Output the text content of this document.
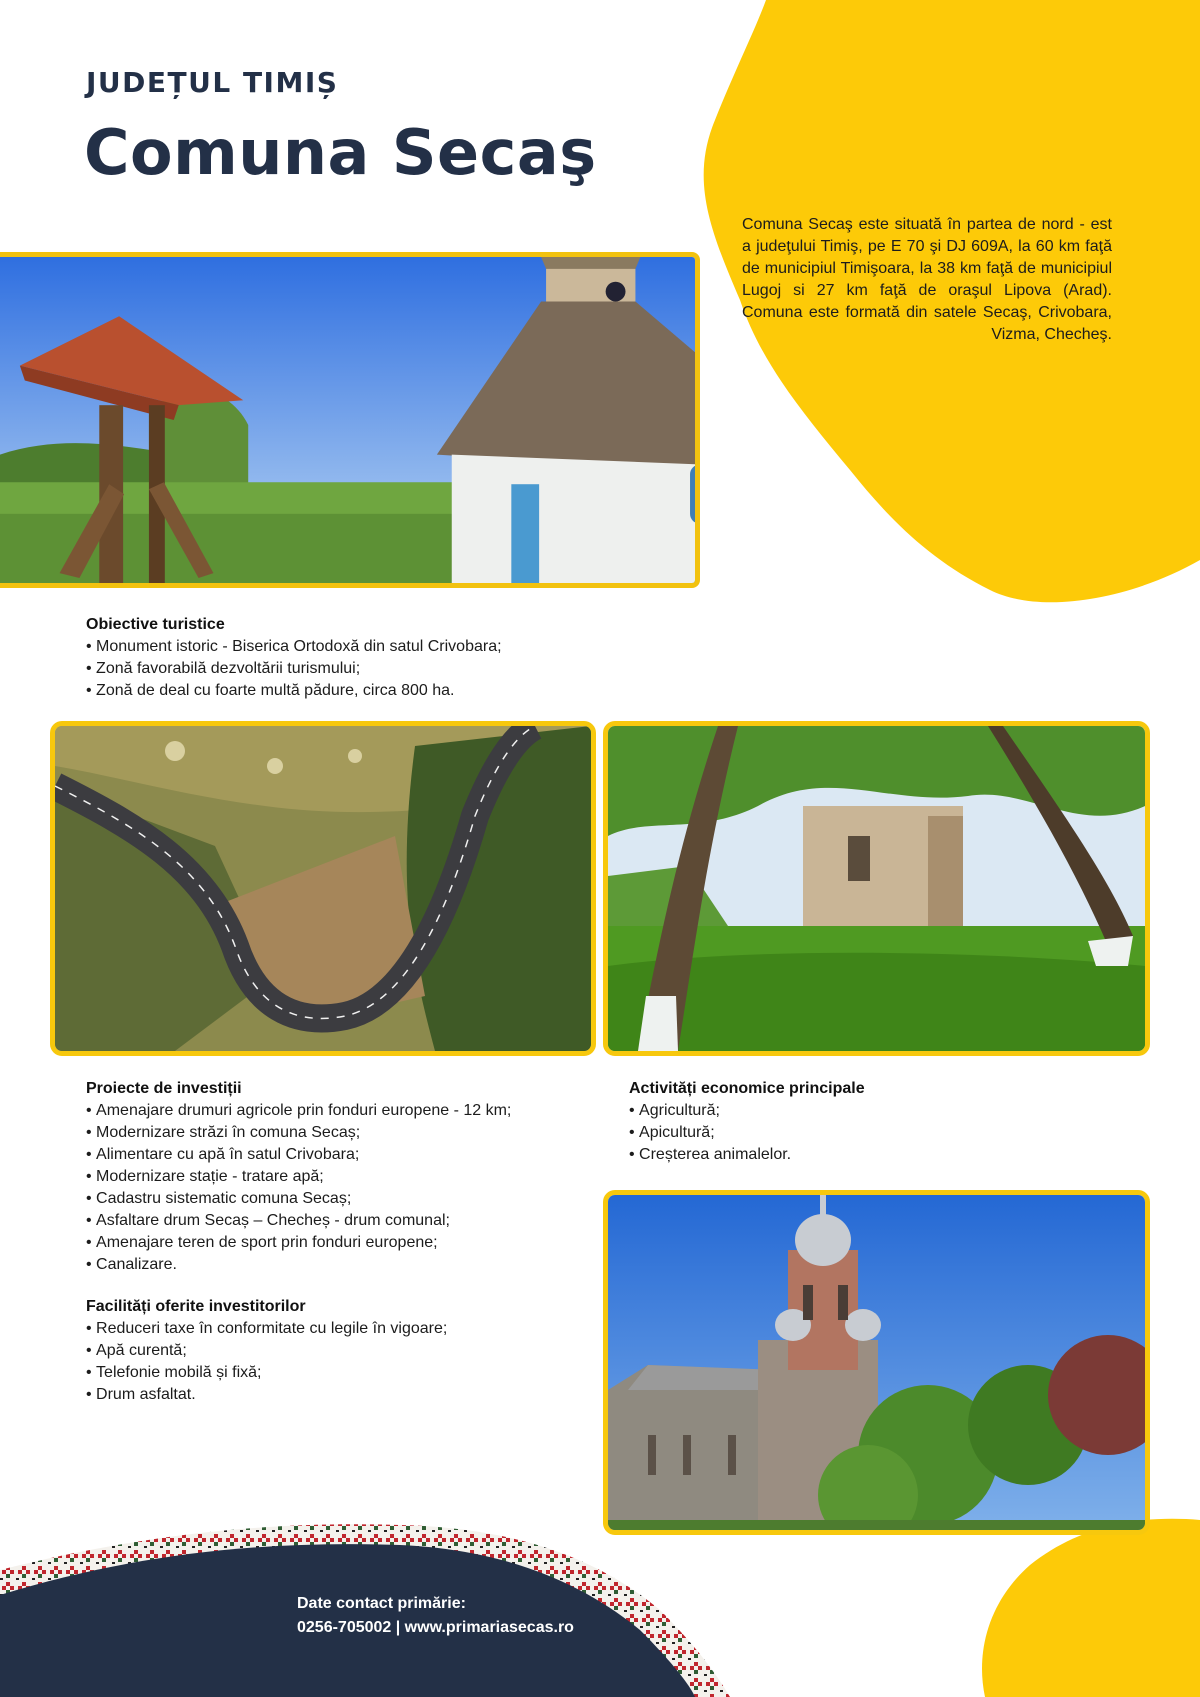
JUDEȚUL TIMIȘ

Comuna Secaş
Comuna Secaş este situată în partea de nord - est a judeţului Timiş, pe E 70 şi DJ 609A, la 60 km faţă de municipiul Timişoara, la 38 km faţă de municipiul Lugoj si 27 km faţă de oraşul Lipova (Arad). Comuna este formată din satele Secaş, Crivobara, Vizma, Checheş.
Obiective turistice
• Monument istoric - Biserica Ortodoxă din satul Crivobara;
• Zonă favorabilă dezvoltării turismului;
• Zonă de deal cu foarte multă pădure, circa 800 ha.
Proiecte de investiții
• Amenajare drumuri agricole prin fonduri europene - 12 km;
• Modernizare străzi în comuna Secaș;
• Alimentare cu apă în satul Crivobara;
• Modernizare stație - tratare apă;
• Cadastru sistematic comuna Secaș;
• Asfaltare drum Secaș – Checheș - drum comunal;
• Amenajare teren de sport prin fonduri europene;
• Canalizare.
Facilități oferite investitorilor
• Reduceri taxe în conformitate cu legile în vigoare;
• Apă curentă;
• Telefonie mobilă și fixă;
• Drum asfaltat.
Activități economice principale
• Agricultură;
• Apicultură;
• Creșterea animalelor.
Date contact primărie:
0256-705002 | www.primariasecas.ro
